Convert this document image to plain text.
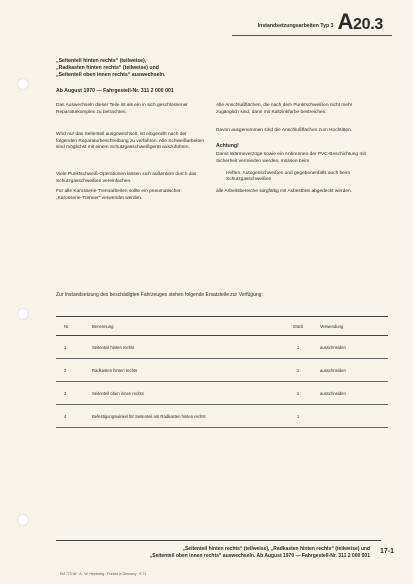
Instandsetzungsarbeiten Typ 3 A20.3
„Seitenteil hinten rechts“ (teilweise),
„Radkasten hinten rechts“ (teilweise) und
„Seitenteil oben innen rechts“ auswechseln.
Ab August 1970 — Fahrgestell-Nr. 311 2 000 001

Das Auswechseln dieser Teile ist als ein in sich geschlossener Reparaturkomplex zu betrachten.

Wird nur das Seitenteil ausgewechselt, ist eingenellt nach der folgenden Reparaturbeschreibung zu verfahren. Alle Schweißarbeiten sind möglichst mit einem Schutzgasschweißgerät auszuführen.

Viele Punktschweiß-Operationen lassen sich außerdem durch das Schutzgasschweißen vereinfachen.

Für alle Karosserie-Trennarbeiten sollte ein pneumatischer „Karosserie-Trenner“ verwendet werden.

Alle Anschlußflächen, die nach dem Punktschweißen nicht mehr zugänglich sind, dann mit Kaltzinkfarbe bestreichen.

Davon ausgenommen sind die Anschlußflächen zum Hochtitten.

Achtung!

Damit Wärmeverzüge sowie ein Anbrennen der PVC-Beschichtung mit Sicherheit vermieden werden, müssen beim

Heften, Autogenschweißen und gegebenenfalls auch beim Schutzgasschweißen

alle Arbeitsbereiche sorgfältig mit Asbestbrei abgedeckt werden.

Zur Instandsetzung des beschädigten Fahrzeuges stehen folgende Ersatzteile zur Verfügung:
Nr.	Benennung	Stück	Verwendung
1	Seitenteil hinten rechts	1	ausschneiden
2	Radkasten hinten rechts	1	ausschneiden
3	Seitenteil oben innen rechts	1	ausschneiden
4	Befestigungswinkel für Seitenteil am Radkasten hinten rechts	1
„Seitenteil hinten rechts“ (teilweise), „Radkasten hinten rechts“ (teilweise) und
„Seitenteil oben innen rechts“ auswechseln. Ab August 1970 — Fahrgestell-Nr. 311 2 000 001
17-1
EM 773 06 · A · W. Heydeling · Printed in Germany · 8 71
